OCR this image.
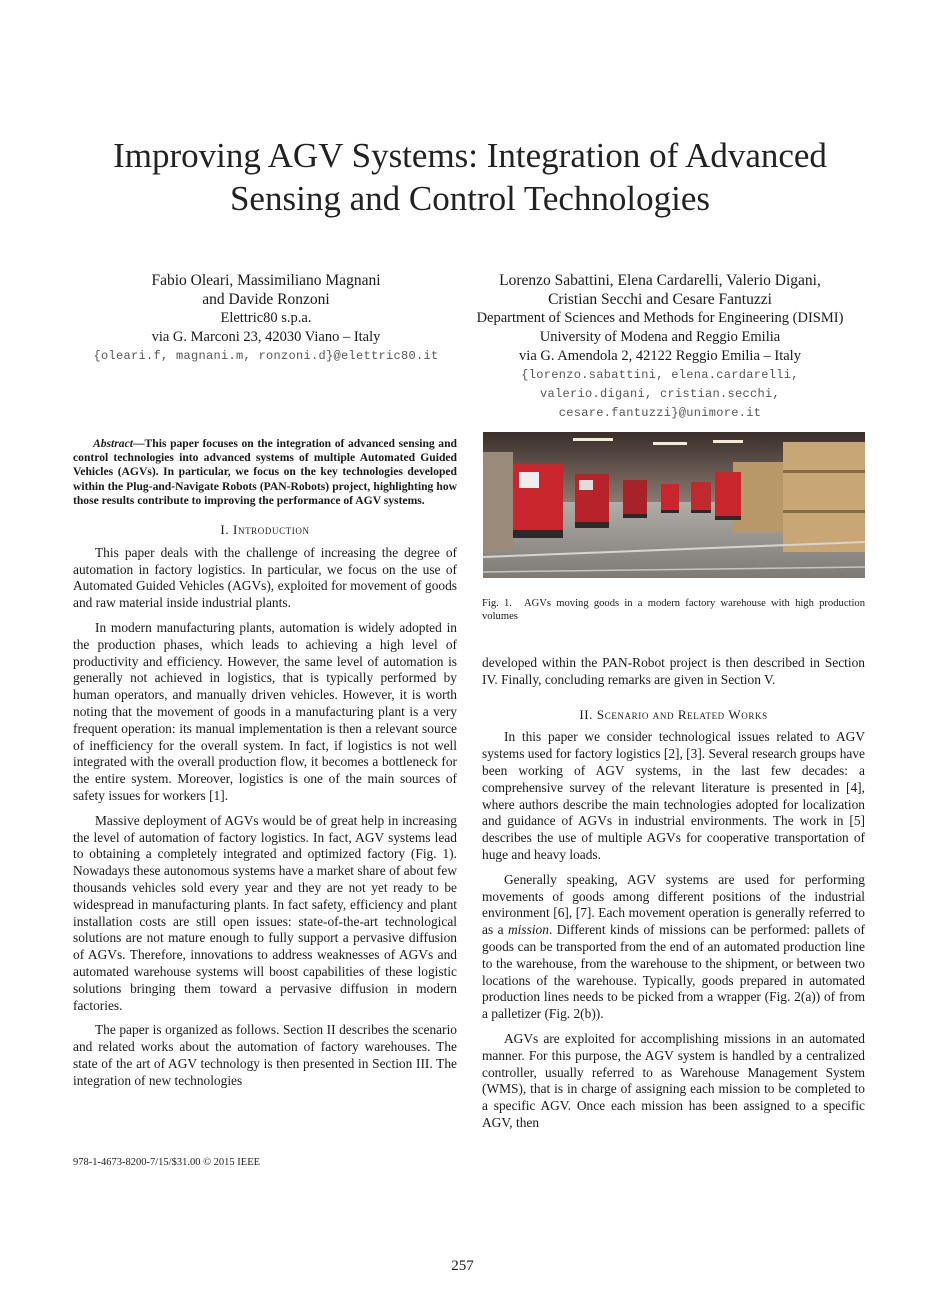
Improving AGV Systems: Integration of Advanced
Sensing and Control Technologies
Fabio Oleari, Massimiliano Magnani
and Davide Ronzoni
Elettric80 s.p.a.
via G. Marconi 23, 42030 Viano – Italy
{oleari.f, magnani.m, ronzoni.d}@elettric80.it
Lorenzo Sabattini, Elena Cardarelli, Valerio Digani,
Cristian Secchi and Cesare Fantuzzi
Department of Sciences and Methods for Engineering (DISMI)
University of Modena and Reggio Emilia
via G. Amendola 2, 42122 Reggio Emilia – Italy
{lorenzo.sabattini, elena.cardarelli,
valerio.digani, cristian.secchi,
cesare.fantuzzi}@unimore.it

Abstract—This paper focuses on the integration of advanced sensing and control technologies into advanced systems of multiple Automated Guided Vehicles (AGVs). In particular, we focus on the key technologies developed within the Plug-and-Navigate Robots (PAN-Robots) project, highlighting how those results contribute to improving the performance of AGV systems.

I. Introduction

This paper deals with the challenge of increasing the degree of automation in factory logistics. In particular, we focus on the use of Automated Guided Vehicles (AGVs), exploited for movement of goods and raw material inside industrial plants.

In modern manufacturing plants, automation is widely adopted in the production phases, which leads to achieving a high level of productivity and efficiency. However, the same level of automation is generally not achieved in logistics, that is typically performed by human operators, and manually driven vehicles. However, it is worth noting that the movement of goods in a manufacturing plant is a very frequent operation: its manual implementation is then a relevant source of inefficiency for the overall system. In fact, if logistics is not well integrated with the overall production flow, it becomes a bottleneck for the entire system. Moreover, logistics is one of the main sources of safety issues for workers [1].

Massive deployment of AGVs would be of great help in increasing the level of automation of factory logistics. In fact, AGV systems lead to obtaining a completely integrated and optimized factory (Fig. 1). Nowadays these autonomous systems have a market share of about few thousands vehicles sold every year and they are not yet ready to be widespread in manufacturing plants. In fact safety, efficiency and plant installation costs are still open issues: state-of-the-art technological solutions are not mature enough to fully support a pervasive diffusion of AGVs. Therefore, innovations to address weaknesses of AGVs and automated warehouse systems will boost capabilities of these logistic solutions bringing them toward a pervasive diffusion in modern factories.

The paper is organized as follows. Section II describes the scenario and related works about the automation of factory warehouses. The state of the art of AGV technology is then presented in Section III. The integration of new technologies

Fig. 1. AGVs moving goods in a modern factory warehouse with high production volumes

developed within the PAN-Robot project is then described in Section IV. Finally, concluding remarks are given in Section V.

II. Scenario and Related Works

In this paper we consider technological issues related to AGV systems used for factory logistics [2], [3]. Several research groups have been working of AGV systems, in the last few decades: a comprehensive survey of the relevant literature is presented in [4], where authors describe the main technologies adopted for localization and guidance of AGVs in industrial environments. The work in [5] describes the use of multiple AGVs for cooperative transportation of huge and heavy loads.

Generally speaking, AGV systems are used for performing movements of goods among different positions of the industrial environment [6], [7]. Each movement operation is generally referred to as a mission. Different kinds of missions can be performed: pallets of goods can be transported from the end of an automated production line to the warehouse, from the warehouse to the shipment, or between two locations of the warehouse. Typically, goods prepared in automated production lines needs to be picked from a wrapper (Fig. 2(a)) of from a palletizer (Fig. 2(b)).

AGVs are exploited for accomplishing missions in an automated manner. For this purpose, the AGV system is handled by a centralized controller, usually referred to as Warehouse Management System (WMS), that is in charge of assigning each mission to be completed to a specific AGV. Once each mission has been assigned to a specific AGV, then

978-1-4673-8200-7/15/$31.00 © 2015 IEEE
257
